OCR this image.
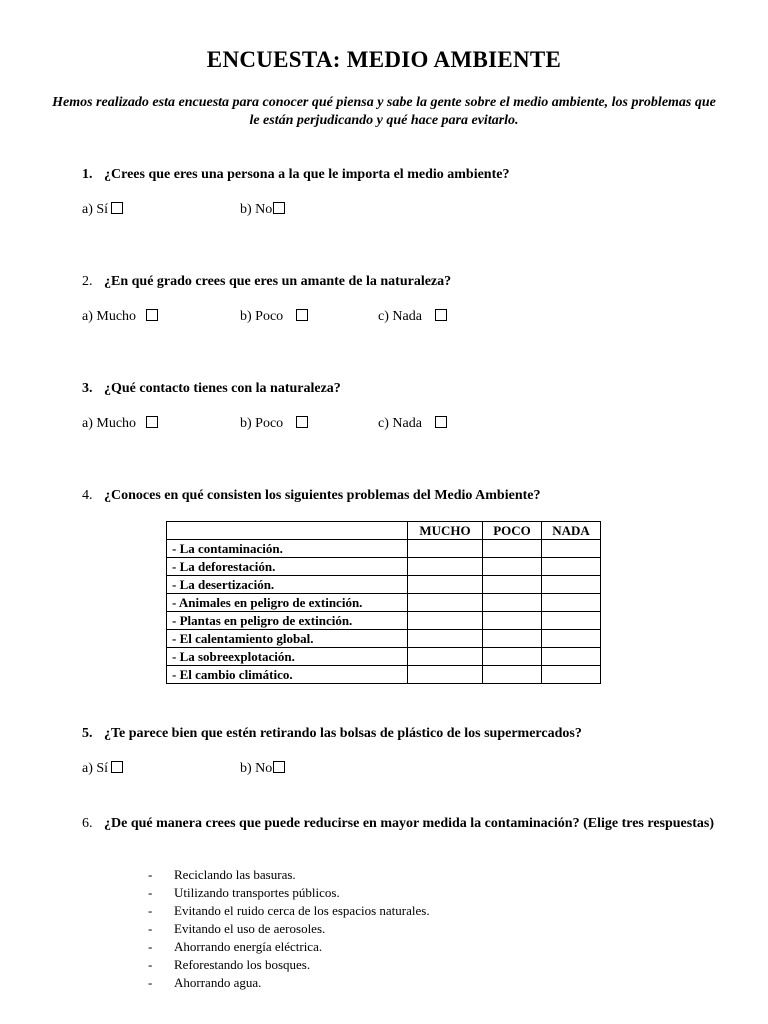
ENCUESTA: MEDIO AMBIENTE
Hemos realizado esta encuesta para conocer qué piensa y sabe la gente sobre el medio ambiente, los problemas que le están perjudicando y qué hace para evitarlo.
1. ¿Crees que eres una persona a la que le importa el medio ambiente?
a) Sí	b) No
2. ¿En qué grado crees que eres un amante de la naturaleza?
a) Mucho	b) Poco	c) Nada
3. ¿Qué contacto tienes con la naturaleza?
a) Mucho	b) Poco	c) Nada
4. ¿Conoces en qué consisten los siguientes problemas del Medio Ambiente?
	MUCHO	POCO	NADA
- La contaminación.			
- La deforestación.			
- La desertización.			
- Animales en peligro de extinción.			
- Plantas en peligro de extinción.			
- El calentamiento global.			
- La sobreexplotación.			
- El cambio climático.			
5. ¿Te parece bien que estén retirando las bolsas de plástico de los supermercados?
a) Sí	b) No
6. ¿De qué manera crees que puede reducirse en mayor medida la contaminación? (Elige tres respuestas)
- Reciclando las basuras.
- Utilizando transportes públicos.
- Evitando el ruido cerca de los espacios naturales.
- Evitando el uso de aerosoles.
- Ahorrando energía eléctrica.
- Reforestando los bosques.
- Ahorrando agua.
